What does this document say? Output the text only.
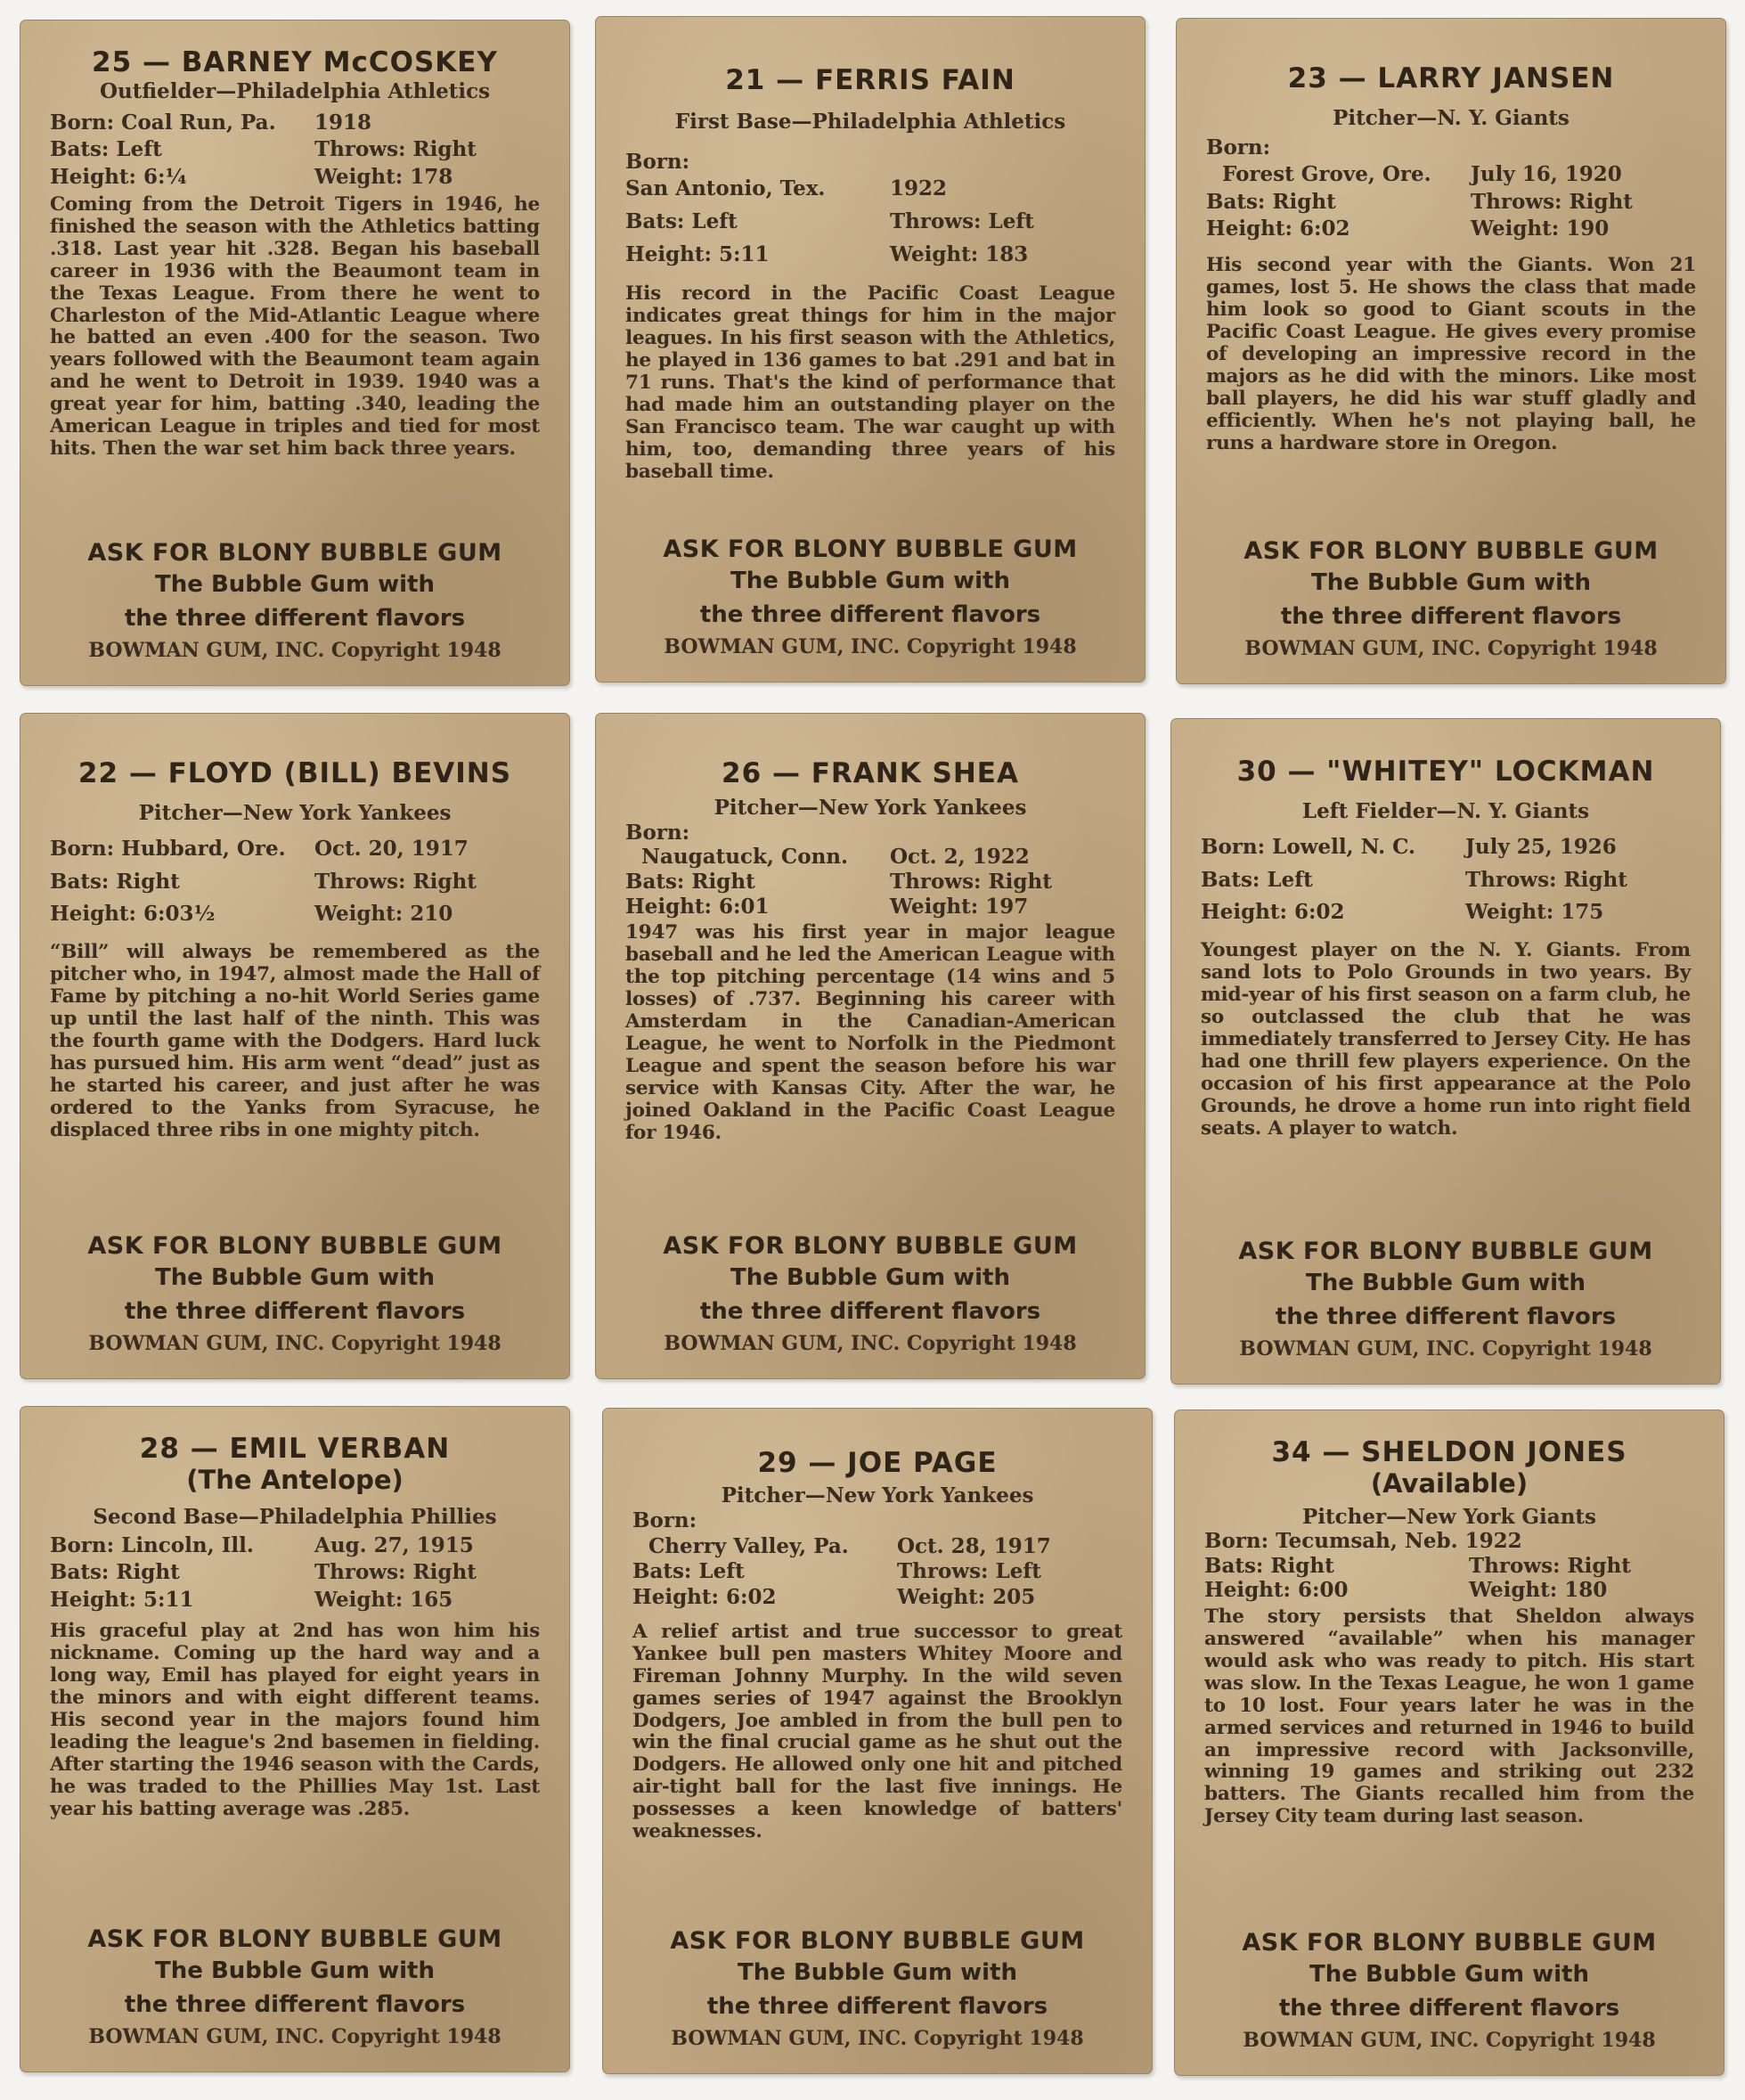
25 — BARNEY McCOSKEY
Outfielder—Philadelphia Athletics
Born: Coal Run, Pa. 1918
Bats: Left	Throws: Right
Height: 6:¼	Weight: 178
Coming from the Detroit Tigers in 1946, he finished the season with the Athletics batting .318. Last year hit .328. Began his baseball career in 1936 with the Beaumont team in the Texas League. From there he went to Charleston of the Mid-Atlantic League where he batted an even .400 for the season. Two years followed with the Beaumont team again and he went to Detroit in 1939. 1940 was a great year for him, batting .340, leading the American League in triples and tied for most hits. Then the war set him back three years.
ASK FOR BLONY BUBBLE GUM
The Bubble Gum with
the three different flavors
BOWMAN GUM, INC. Copyright 1948
21 — FERRIS FAIN
First Base—Philadelphia Athletics
Born:
San Antonio, Tex.	1922
Bats: Left	Throws: Left
Height: 5:11	Weight: 183
His record in the Pacific Coast League indicates great things for him in the major leagues. In his first season with the Athletics, he played in 136 games to bat .291 and bat in 71 runs. That's the kind of performance that had made him an outstanding player on the San Francisco team. The war caught up with him, too, demanding three years of his baseball time.
ASK FOR BLONY BUBBLE GUM
The Bubble Gum with
the three different flavors
BOWMAN GUM, INC. Copyright 1948
23 — LARRY JANSEN
Pitcher—N. Y. Giants
Born:
Forest Grove, Ore. July 16, 1920
Bats: Right	Throws: Right
Height: 6:02	Weight: 190
His second year with the Giants. Won 21 games, lost 5. He shows the class that made him look so good to Giant scouts in the Pacific Coast League. He gives every promise of developing an impressive record in the majors as he did with the minors. Like most ball players, he did his war stuff gladly and efficiently. When he's not playing ball, he runs a hardware store in Oregon.
ASK FOR BLONY BUBBLE GUM
The Bubble Gum with
the three different flavors
BOWMAN GUM, INC. Copyright 1948
22 — FLOYD (BILL) BEVINS
Pitcher—New York Yankees
Born: Hubbard, Ore. Oct. 20, 1917
Bats: Right	Throws: Right
Height: 6:03½	Weight: 210
“Bill” will always be remembered as the pitcher who, in 1947, almost made the Hall of Fame by pitching a no-hit World Series game up until the last half of the ninth. This was the fourth game with the Dodgers. Hard luck has pursued him. His arm went “dead” just as he started his career, and just after he was ordered to the Yanks from Syracuse, he displaced three ribs in one mighty pitch.
ASK FOR BLONY BUBBLE GUM
The Bubble Gum with
the three different flavors
BOWMAN GUM, INC. Copyright 1948
26 — FRANK SHEA
Pitcher—New York Yankees
Born:
Naugatuck, Conn. Oct. 2, 1922
Bats: Right	Throws: Right
Height: 6:01	Weight: 197
1947 was his first year in major league baseball and he led the American League with the top pitching percentage (14 wins and 5 losses) of .737. Beginning his career with Amsterdam in the Canadian-American League, he went to Norfolk in the Piedmont League and spent the season before his war service with Kansas City. After the war, he joined Oakland in the Pacific Coast League for 1946.
ASK FOR BLONY BUBBLE GUM
The Bubble Gum with
the three different flavors
BOWMAN GUM, INC. Copyright 1948
30 — "WHITEY" LOCKMAN
Left Fielder—N. Y. Giants
Born: Lowell, N. C. July 25, 1926
Bats: Left	Throws: Right
Height: 6:02	Weight: 175
Youngest player on the N. Y. Giants. From sand lots to Polo Grounds in two years. By mid-year of his first season on a farm club, he so outclassed the club that he was immediately transferred to Jersey City. He has had one thrill few players experience. On the occasion of his first appearance at the Polo Grounds, he drove a home run into right field seats. A player to watch.
ASK FOR BLONY BUBBLE GUM
The Bubble Gum with
the three different flavors
BOWMAN GUM, INC. Copyright 1948
28 — EMIL VERBAN
(The Antelope)
Second Base—Philadelphia Phillies
Born: Lincoln, Ill.	Aug. 27, 1915
Bats: Right	Throws: Right
Height: 5:11	Weight: 165
His graceful play at 2nd has won him his nickname. Coming up the hard way and a long way, Emil has played for eight years in the minors and with eight different teams. His second year in the majors found him leading the league's 2nd basemen in fielding. After starting the 1946 season with the Cards, he was traded to the Phillies May 1st. Last year his batting average was .285.
ASK FOR BLONY BUBBLE GUM
The Bubble Gum with
the three different flavors
BOWMAN GUM, INC. Copyright 1948
29 — JOE PAGE
Pitcher—New York Yankees
Born:
Cherry Valley, Pa. Oct. 28, 1917
Bats: Left	Throws: Left
Height: 6:02	Weight: 205
A relief artist and true successor to great Yankee bull pen masters Whitey Moore and Fireman Johnny Murphy. In the wild seven games series of 1947 against the Brooklyn Dodgers, Joe ambled in from the bull pen to win the final crucial game as he shut out the Dodgers. He allowed only one hit and pitched air-tight ball for the last five innings. He possesses a keen knowledge of batters' weaknesses.
ASK FOR BLONY BUBBLE GUM
The Bubble Gum with
the three different flavors
BOWMAN GUM, INC. Copyright 1948
34 — SHELDON JONES
(Available)
Pitcher—New York Giants
Born: Tecumsah, Neb. 1922
Bats: Right	Throws: Right
Height: 6:00	Weight: 180
The story persists that Sheldon always answered “available” when his manager would ask who was ready to pitch. His start was slow. In the Texas League, he won 1 game to 10 lost. Four years later he was in the armed services and returned in 1946 to build an impressive record with Jacksonville, winning 19 games and striking out 232 batters. The Giants recalled him from the Jersey City team during last season.
ASK FOR BLONY BUBBLE GUM
The Bubble Gum with
the three different flavors
BOWMAN GUM, INC. Copyright 1948
